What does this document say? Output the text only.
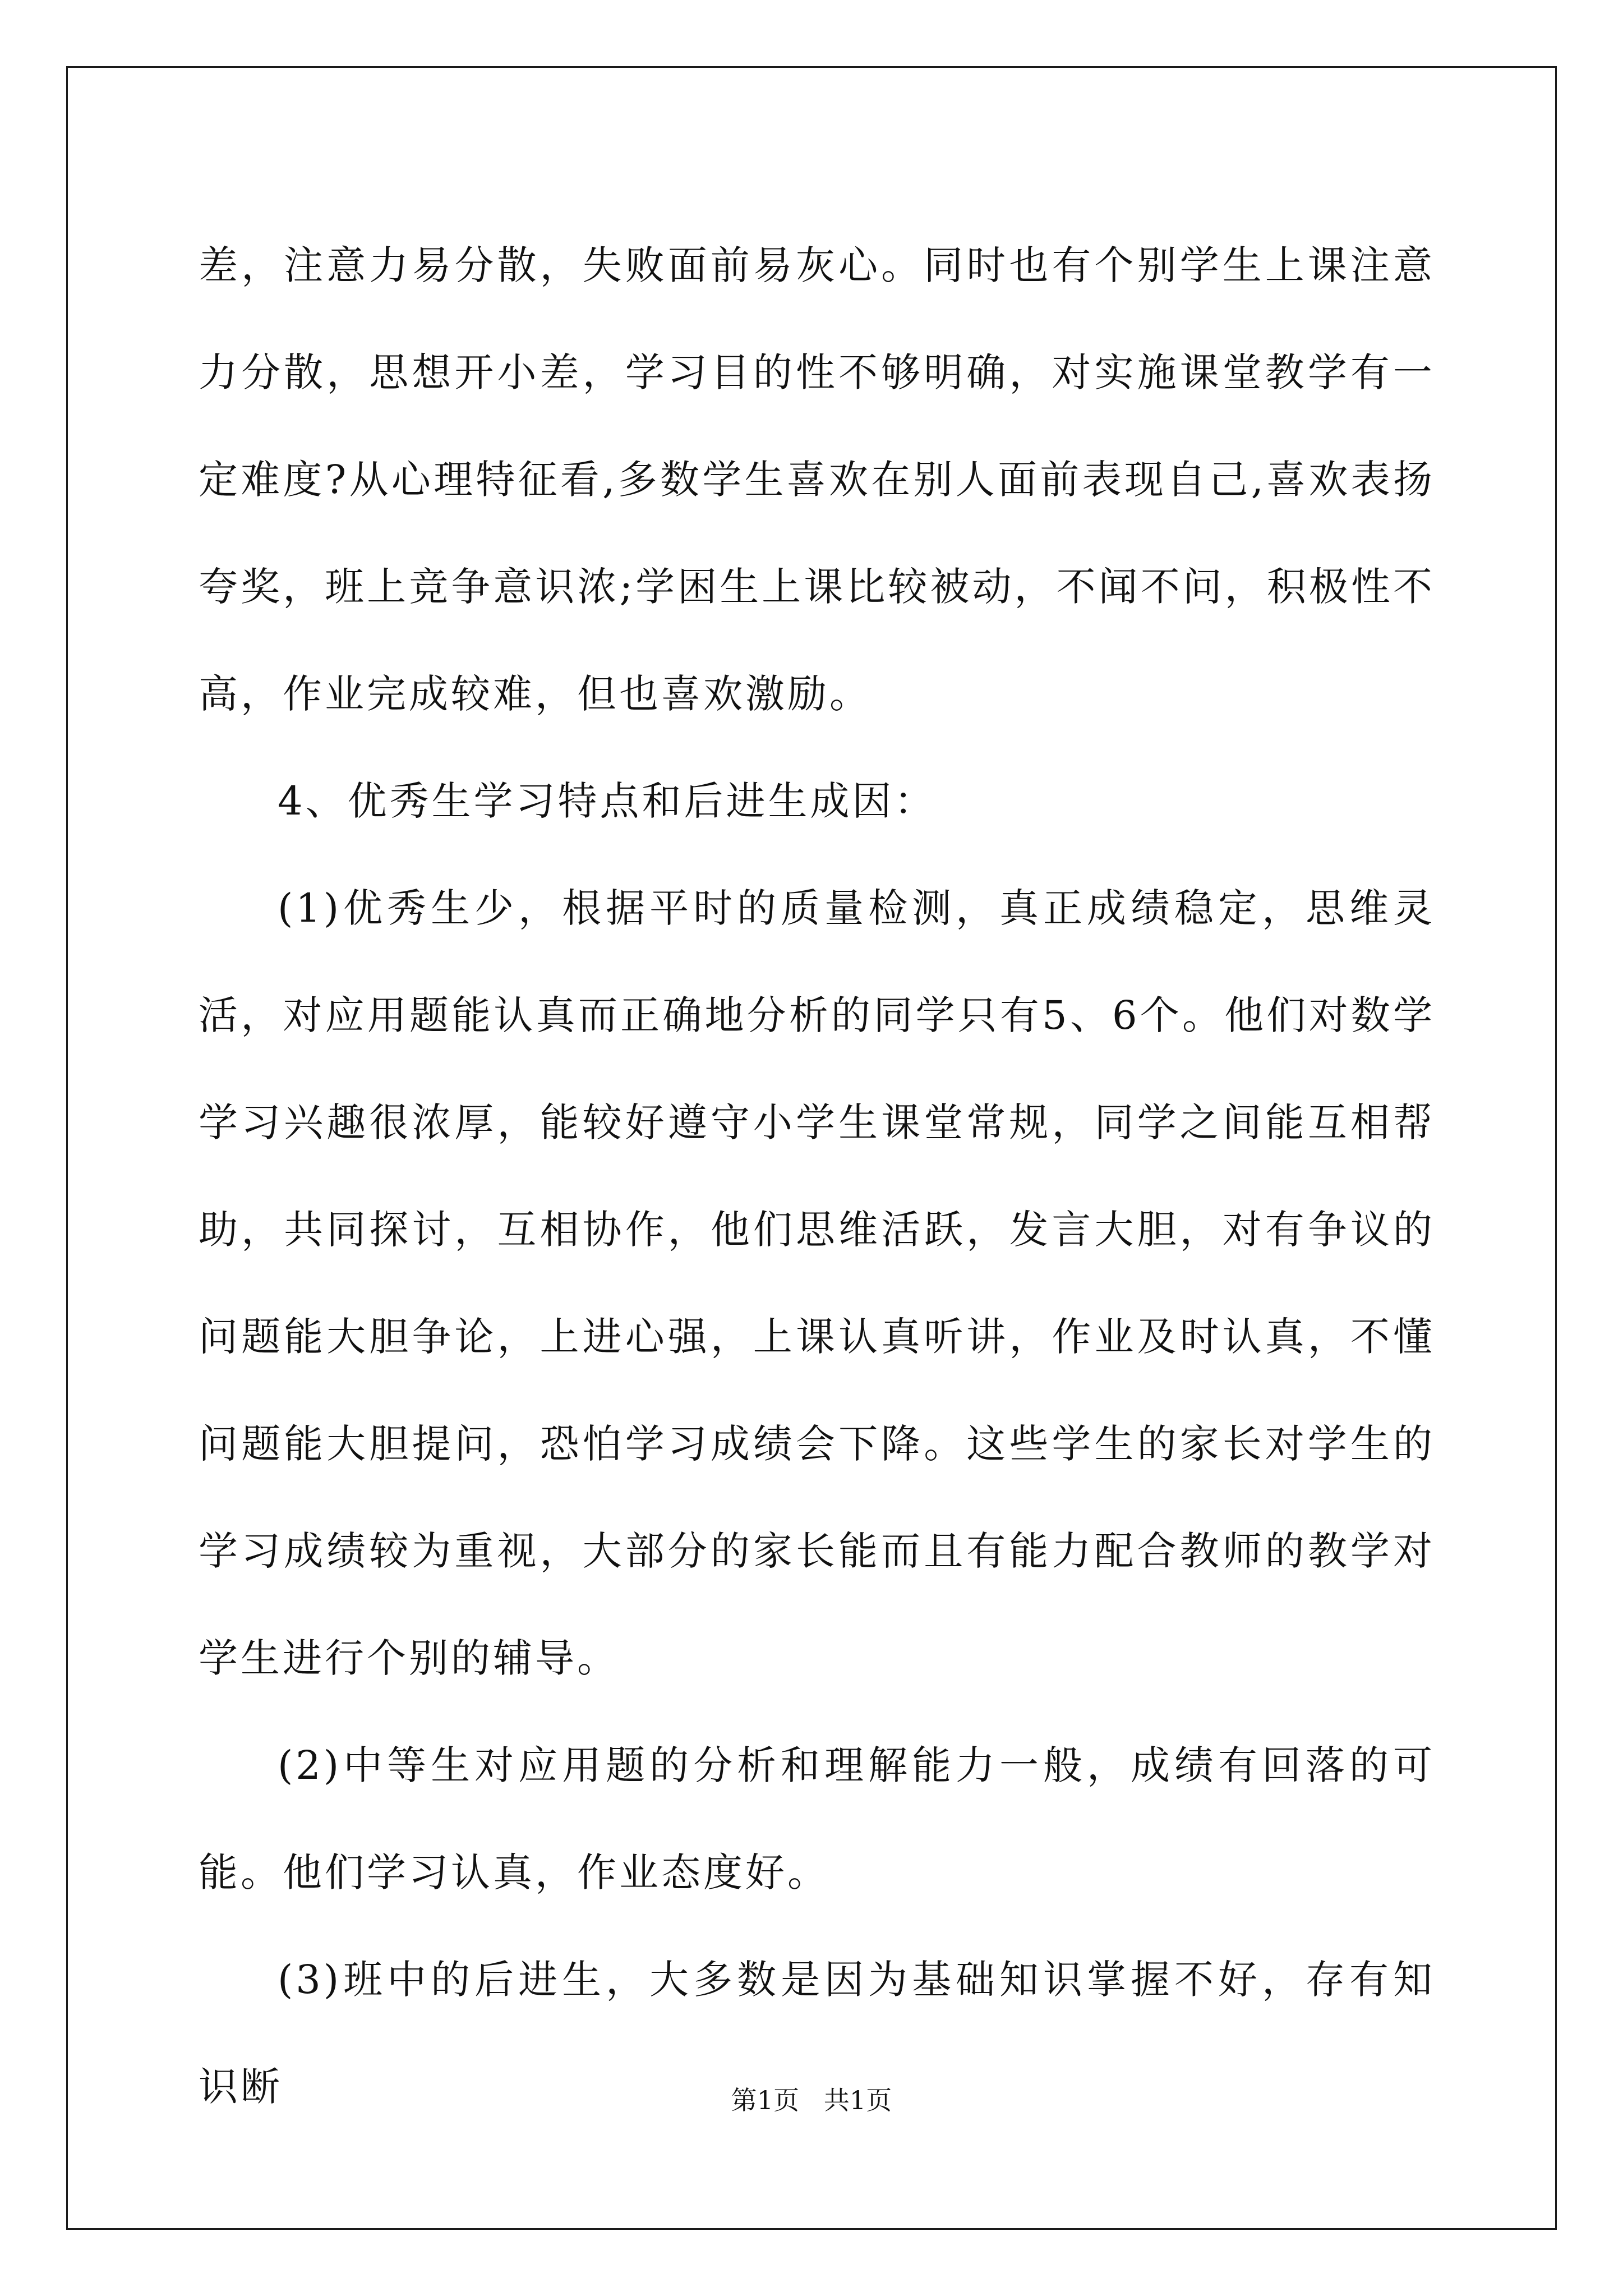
差，注意力易分散，失败面前易灰心。同时也有个别学生上课注意力分散，思想开小差，学习目的性不够明确，对实施课堂教学有一定难度?从心理特征看,多数学生喜欢在别人面前表现自己,喜欢表扬夸奖，班上竞争意识浓;学困生上课比较被动，不闻不问，积极性不高，作业完成较难，但也喜欢激励。

4、优秀生学习特点和后进生成因：

(1)优秀生少，根据平时的质量检测，真正成绩稳定，思维灵活，对应用题能认真而正确地分析的同学只有5、6个。他们对数学学习兴趣很浓厚，能较好遵守小学生课堂常规，同学之间能互相帮助，共同探讨，互相协作，他们思维活跃，发言大胆，对有争议的问题能大胆争论，上进心强，上课认真听讲，作业及时认真，不懂问题能大胆提问，恐怕学习成绩会下降。这些学生的家长对学生的学习成绩较为重视，大部分的家长能而且有能力配合教师的教学对学生进行个别的辅导。

(2)中等生对应用题的分析和理解能力一般，成绩有回落的可能。他们学习认真，作业态度好。

(3)班中的后进生，大多数是因为基础知识掌握不好，存有知识断	第1页   共1页
